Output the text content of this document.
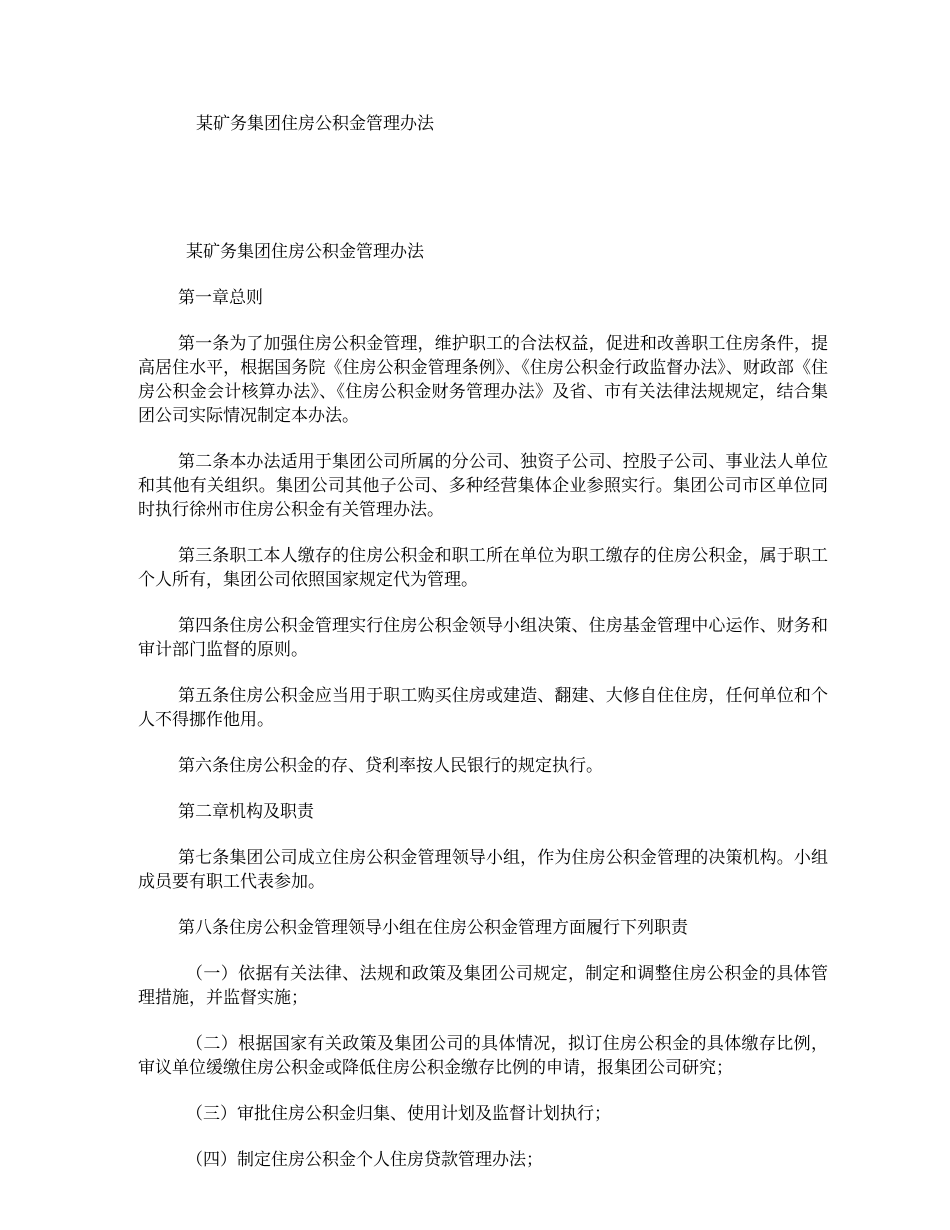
某矿务集团住房公积金管理办法

某矿务集团住房公积金管理办法

第一章总则

第一条为了加强住房公积金管理，维护职工的合法权益，促进和改善职工住房条件，提高居住水平，根据国务院《住房公积金管理条例》、《住房公积金行政监督办法》、财政部《住房公积金会计核算办法》、《住房公积金财务管理办法》及省、市有关法律法规规定，结合集团公司实际情况制定本办法。

第二条本办法适用于集团公司所属的分公司、独资子公司、控股子公司、事业法人单位和其他有关组织。集团公司其他子公司、多种经营集体企业参照实行。集团公司市区单位同时执行徐州市住房公积金有关管理办法。

第三条职工本人缴存的住房公积金和职工所在单位为职工缴存的住房公积金，属于职工个人所有，集团公司依照国家规定代为管理。

第四条住房公积金管理实行住房公积金领导小组决策、住房基金管理中心运作、财务和审计部门监督的原则。

第五条住房公积金应当用于职工购买住房或建造、翻建、大修自住住房，任何单位和个人不得挪作他用。

第六条住房公积金的存、贷利率按人民银行的规定执行。

第二章机构及职责

第七条集团公司成立住房公积金管理领导小组，作为住房公积金管理的决策机构。小组成员要有职工代表参加。

第八条住房公积金管理领导小组在住房公积金管理方面履行下列职责

（一）依据有关法律、法规和政策及集团公司规定，制定和调整住房公积金的具体管理措施，并监督实施；

（二）根据国家有关政策及集团公司的具体情况，拟订住房公积金的具体缴存比例，审议单位缓缴住房公积金或降低住房公积金缴存比例的申请，报集团公司研究；

（三）审批住房公积金归集、使用计划及监督计划执行；

（四）制定住房公积金个人住房贷款管理办法；
